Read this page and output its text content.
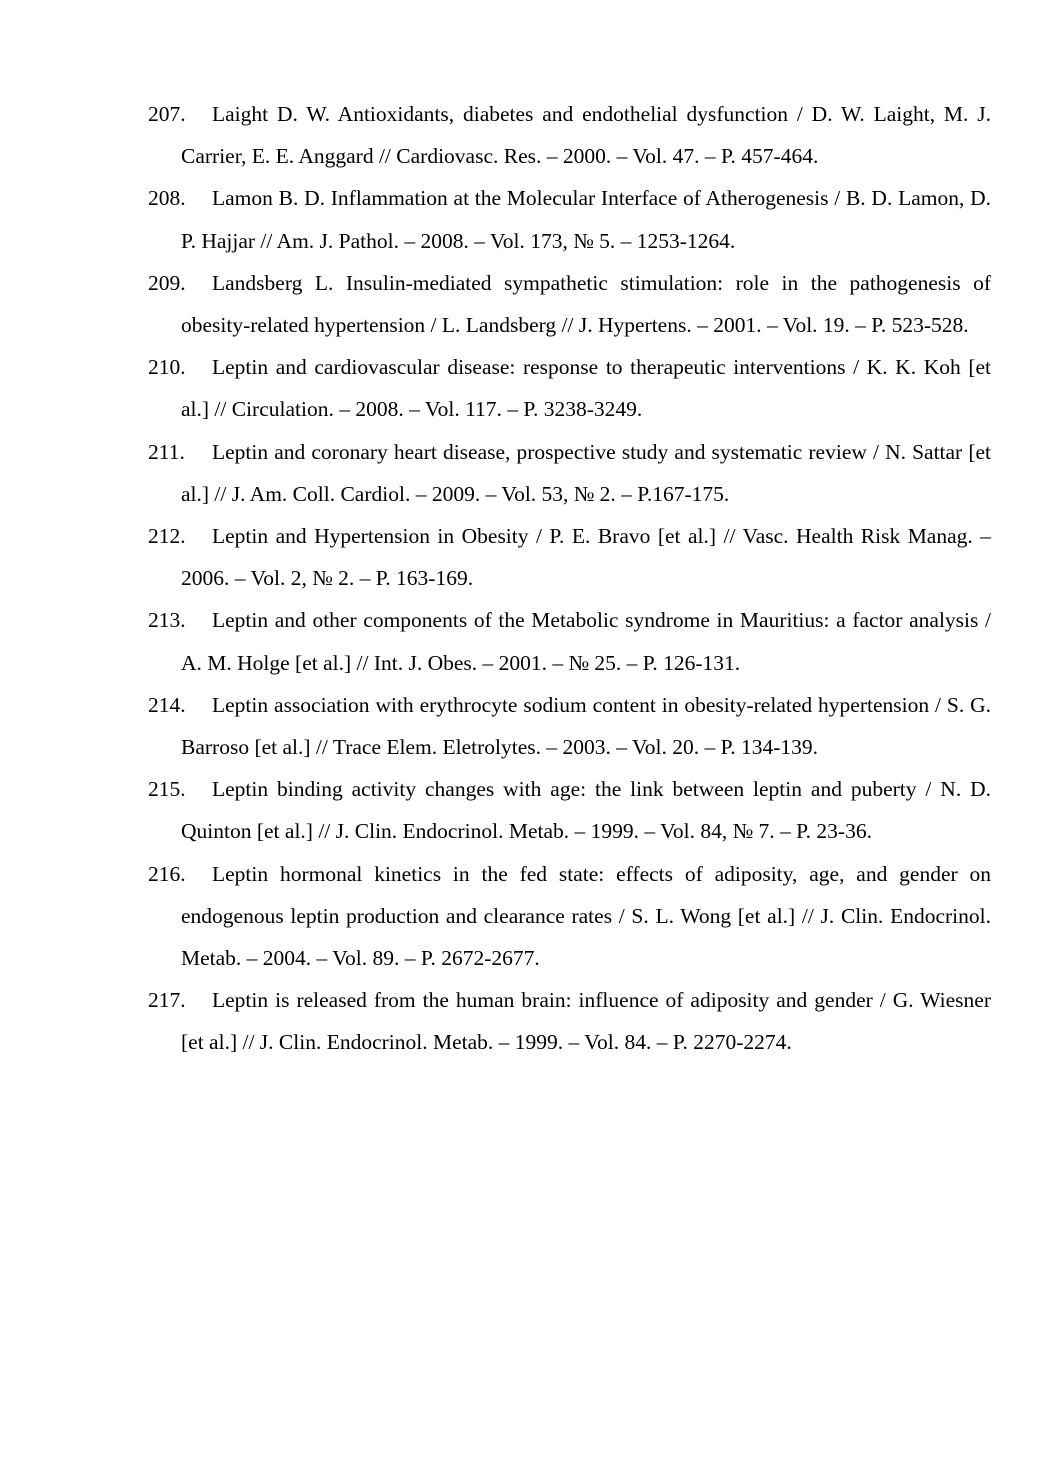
207. Laight D. W. Antioxidants, diabetes and endothelial dysfunction / D. W. Laight, M. J. Carrier, E. E. Anggard // Cardiovasc. Res. – 2000. – Vol. 47. – P. 457-464.
208. Lamon B. D. Inflammation at the Molecular Interface of Atherogenesis / B. D. Lamon, D. P. Hajjar // Am. J. Pathol. – 2008. – Vol. 173, № 5. – 1253-1264.
209. Landsberg L. Insulin-mediated sympathetic stimulation: role in the pathogenesis of obesity-related hypertension / L. Landsberg // J. Hypertens. – 2001. – Vol. 19. – P. 523-528.
210. Leptin and cardiovascular disease: response to therapeutic interventions / K. K. Koh [et al.] // Circulation. – 2008. – Vol. 117. – P. 3238-3249.
211. Leptin and coronary heart disease, prospective study and systematic review / N. Sattar [et al.] // J. Am. Coll. Cardiol. – 2009. – Vol. 53, № 2. – P.167-175.
212. Leptin and Hypertension in Obesity / P. E. Bravo [et al.] // Vasc. Health Risk Manag. – 2006. – Vol. 2, № 2. – P. 163-169.
213. Leptin and other components of the Metabolic syndrome in Mauritius: a factor analysis / A. M. Holge [et al.] // Int. J. Obes. – 2001. – № 25. – P. 126-131.
214. Leptin association with erythrocyte sodium content in obesity-related hypertension / S. G. Barroso [et al.] // Trace Elem. Eletrolytes. – 2003. – Vol. 20. – P. 134-139.
215. Leptin binding activity changes with age: the link between leptin and puberty / N. D. Quinton [et al.] // J. Clin. Endocrinol. Metab. – 1999. – Vol. 84, № 7. – P. 23-36.
216. Leptin hormonal kinetics in the fed state: effects of adiposity, age, and gender on endogenous leptin production and clearance rates / S. L. Wong [et al.] // J. Clin. Endocrinol. Metab. – 2004. – Vol. 89. – P. 2672-2677.
217. Leptin is released from the human brain: influence of adiposity and gender / G. Wiesner [et al.] // J. Clin. Endocrinol. Metab. – 1999. – Vol. 84. – P. 2270-2274.
